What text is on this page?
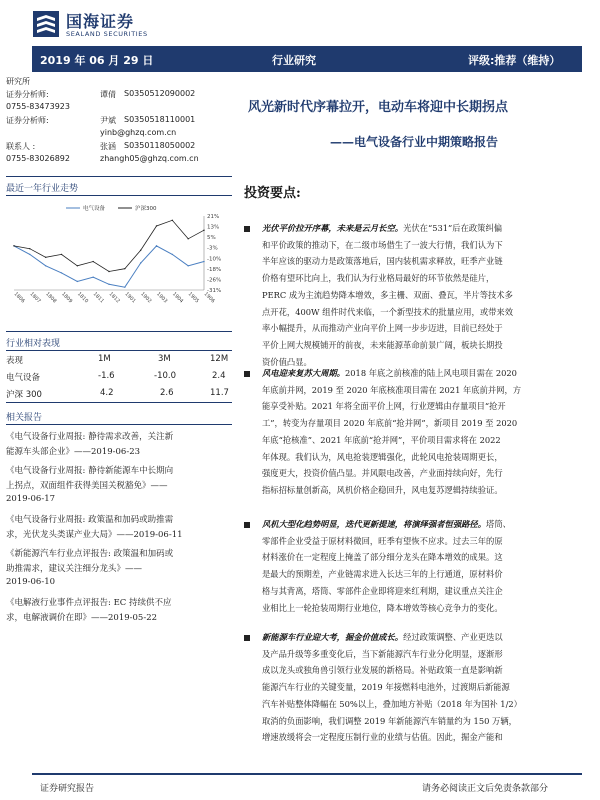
国海证券
SEALAND SECURITIES
2019 年 06 月 29 日	行业研究	评级:推荐（维持）
研究所
证券分析师:	谭倩 S0350512090002
0755-83473923
证券分析师:	尹斌 S0350518110001
yinb@ghzq.com.cn
联系人 :	张涵 S0350118050002
0755-83026892	zhangh05@ghzq.com.cn
风光新时代序幕拉开，电动车将迎中长期拐点
——电气设备行业中期策略报告
最近一年行业走势
21%
13%
5%
-3%
-10%
-18%
-26%
-31%
1806 1807 1808 1809 1810 1811 1812 1901 1902 1903 1904 1905 1906
电气设备	沪深300
行业相对表现
表现	1M	3M	12M
电气设备	-1.6	-10.0	2.4
沪深 300	4.2	2.6	11.7
相关报告
《电气设备行业周报: 静待需求改善，关注新
能源车头部企业》——2019-06-23
《电气设备行业周报: 静待新能源车中长期向
上拐点，双面组件获得美国关税豁免》——
2019-06-17
《电气设备行业周报: 政策温和加码或助推需
求，光伏龙头类谋产业大局》——2019-06-11
《新能源汽车行业点评报告: 政策温和加码或
助推需求，建议关注细分龙头》——
2019-06-10
《电解液行业事件点评报告: EC 持续供不应
求，电解液调价在即》——2019-05-22
投资要点:
光伏平价拉开序幕，未来是云月长空。光伏在“531”后在政策纠偏
和平价政策的推动下，在二级市场借生了一波大行情，我们认为下
半年应该的驱动力是政策落地后，国内装机需求释放，旺季产业链
价格有望环比向上，我们认为行业格局最好的环节依然是硅片，
PERC 成为主流趋势降本增效，多主栅、双面、叠瓦，半片等技术多
点开花，400W 组件时代来临，一个新型技术的批量应用，或带来效
率小幅提升，从而推动产业向平价上网一步步迈进，目前已经处于
平价上网大规模铺开的前夜，未来能源革命前景广阔，板块长期投
资价值凸显。
风电迎来复苏大周期。2018 年底之前核准的陆上风电项目需在 2020
年底前并网，2019 至 2020 年底核准项目需在 2021 年底前并网，方
能享受补贴。2021 年将全面平价上网，行业逻辑由存量项目“抢开
工”，转变为存量项目 2020 年底前“抢并网”，新项目 2019 至 2020
年底“抢核准”、2021 年底前“抢并网”，平价项目需求将在 2022
年体现。我们认为，风电抢装逻辑强化，此轮风电抢装周期更长，
强度更大，投资价值凸显。并风限电改善，产业面持续向好，先行
指标招标量创新高，风机价格企稳回升，风电复苏逻辑持续验证。
风机大型化趋势明显，迭代更新提速，将演绎强者恒强路径。塔筒、
零部件企业受益于原材料微回，旺季有望恢不应求。过去三年的原
材料涨价在一定程度上掩盖了部分细分龙头在降本增效的成果。这
是最大的预期差，产业链需求进入长达三年的上行通道，原材料价
格与其背离，塔筒、零部件企业即将迎来红利期，建议重点关注企
业相比上一轮抢装周期行业地位，降本增效等核心竞争力的变化。
新能源车行业迎大考，掘金价值成长。经过政策调整、产业更迭以
及产品升级等多重变化后，当下新能源汽车行业分化明显，逐渐形
成以龙头或独角兽引领行业发展的新格局。补贴政策一直是影响新
能源汽车行业的关键变量，2019 年接燃料电池外，过渡期后新能源
汽车补贴整体降幅在 50%以上，叠加地方补贴（2018 年为国补 1/2）
取消的负面影响，我们调整 2019 年新能源汽车销量约为 150 万辆，
增速放缓将会一定程度压制行业的业绩与估值。因此，掘金产能和
证券研究报告	请务必阅读正文后免责条款部分
